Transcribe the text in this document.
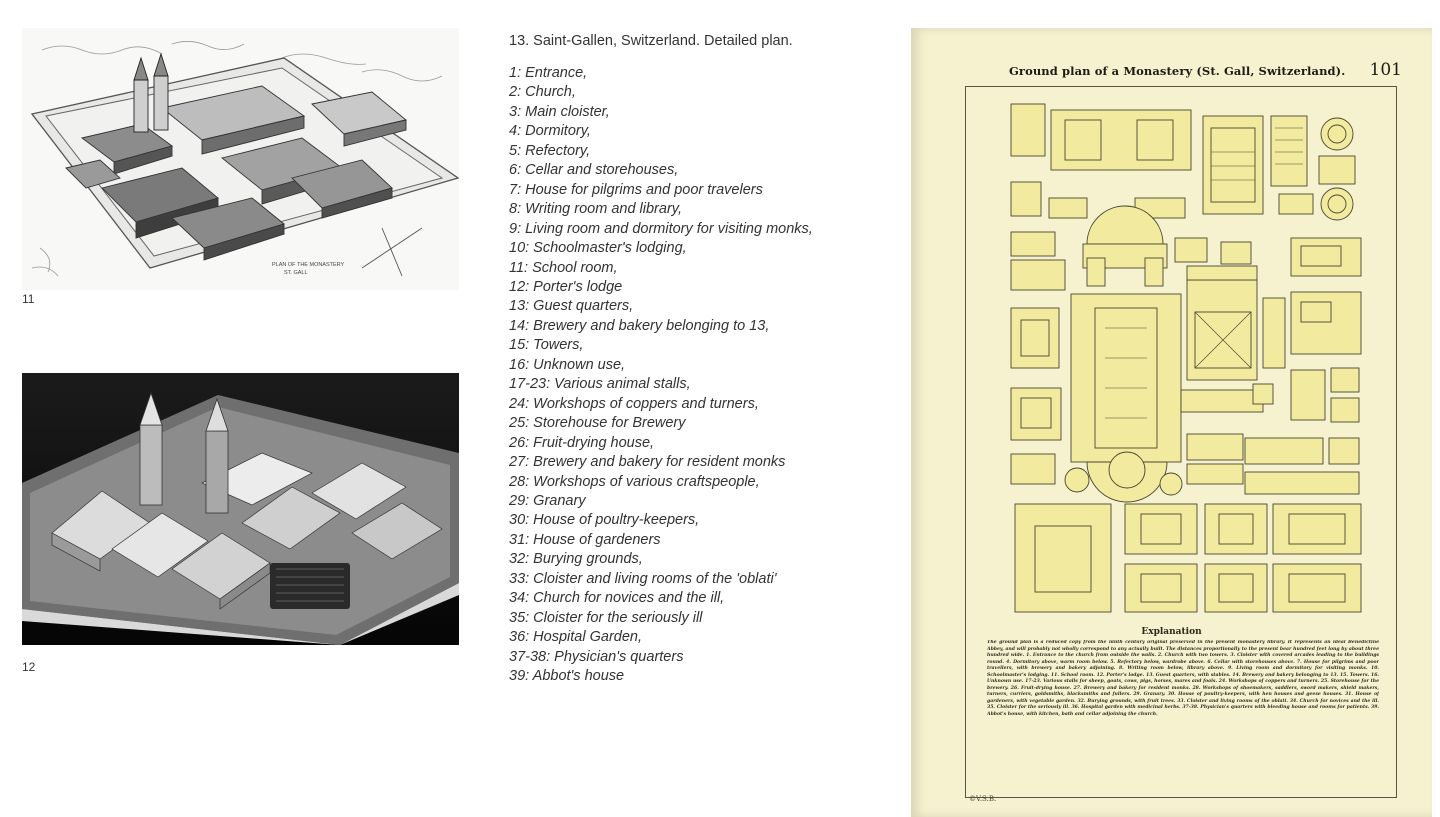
PLAN OF THE MONASTERY
ST. GALL
11
12
13. Saint-Gallen, Switzerland. Detailed plan.
1: Entrance,
2: Church,
3: Main cloister,
4: Dormitory,
5: Refectory,
6: Cellar and storehouses,
7: House for pilgrims and poor travelers
8: Writing room and library,
9: Living room and dormitory for visiting monks,
10: Schoolmaster's lodging,
11: School room,
12: Porter's lodge
13: Guest quarters,
14: Brewery and bakery belonging to 13,
15: Towers,
16: Unknown use,
17-23: Various animal stalls,
24: Workshops of coppers and turners,
25: Storehouse for Brewery
26: Fruit-drying house,
27: Brewery and bakery for resident monks
28: Workshops of various craftspeople,
29: Granary
30: House of poultry-keepers,
31: House of gardeners
32: Burying grounds,
33: Cloister and living rooms of the 'oblati'
34: Church for novices and the ill,
35: Cloister for the seriously ill
36: Hospital Garden,
37-38: Physician's quarters
39: Abbot's house
Ground plan of a Monastery (St. Gall, Switzerland). 101
Explanation
The ground plan is a reduced copy from the ninth century original preserved in the present monastery library. It represents an ideal Benedictine Abbey, and will probably not wholly correspond to any actually built. The distances proportionally to the present bear hundred feet long by about three hundred wide. 1. Entrance to the church from outside the walls. 2. Church with two towers. 3. Cloister with covered arcades leading to the buildings round. 4. Dormitory above, warm room below. 5. Refectory below, wardrobe above. 6. Cellar with storehouses above. 7. House for pilgrims and poor travellers, with brewery and bakery adjoining. 8. Writing room below, library above. 9. Living room and dormitory for visiting monks. 10. Schoolmaster's lodging. 11. School room. 12. Porter's lodge. 13. Guest quarters, with stables. 14. Brewery and bakery belonging to 13. 15. Towers. 16. Unknown use. 17-23. Various stalls for sheep, goats, cows, pigs, horses, mares and foals. 24. Workshops of coppers and turners. 25. Storehouse for the brewery. 26. Fruit-drying house. 27. Brewery and bakery for resident monks. 28. Workshops of shoemakers, saddlers, sword makers, shield makers, turners, curriers, goldsmiths, blacksmiths and fullers. 29. Granary. 30. House of poultry-keepers, with hen houses and geese houses. 31. House of gardeners, with vegetable garden. 32. Burying grounds, with fruit trees. 33. Cloister and living rooms of the oblati. 34. Church for novices and the ill. 35. Cloister for the seriously ill. 36. Hospital garden with medicinal herbs. 37-38. Physician's quarters with bleeding house and rooms for patients. 39. Abbot's house, with kitchen, bath and cellar adjoining the church.
©V.S.B.
